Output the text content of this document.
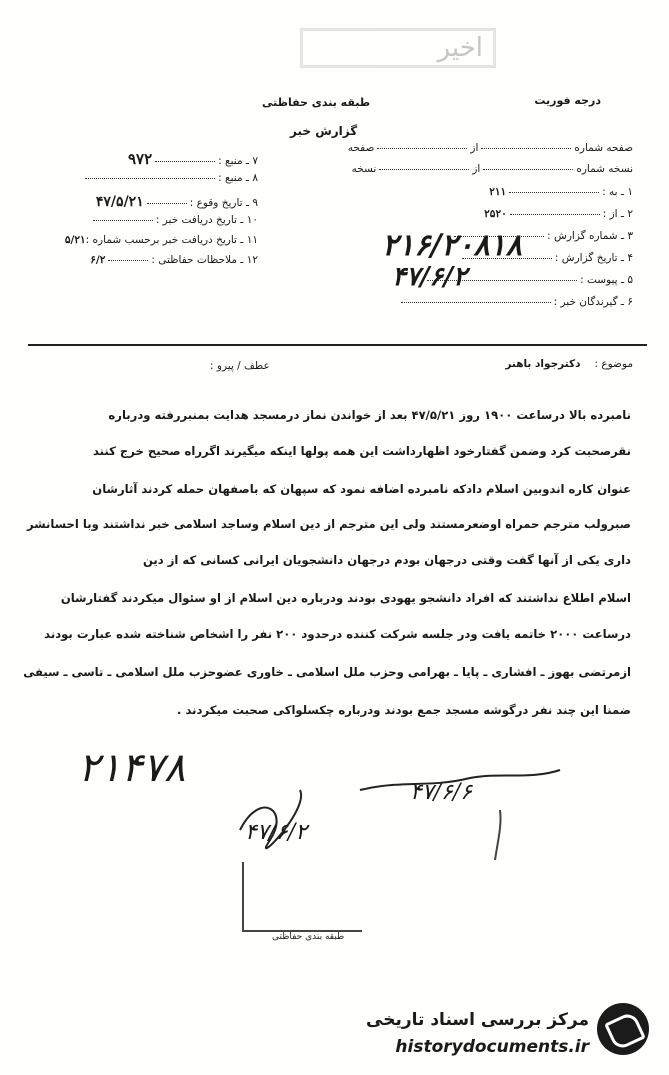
اخیر
درجه فوریت
طبقه بندی حفاظتی
گزارش خبر
صفحه شمارهازصفحه
نسخه شمارهازنسخه
۱ ـ به :۲۱۱
۲ ـ از :۲۵۲۰
۳ ـ شماره گزارش :
۴ ـ تاریخ گزارش :
۵ ـ پیوست :
۶ ـ گیرندگان خبر :
۲۱۶/۲۰۸۱۸
۴۷/۶/۲
۷ ـ منبع :۹۷۲
۸ ـ منبع :
۹ ـ تاریخ وقوع :۴۷/۵/۲۱
۱۰ ـ تاریخ دریافت خبر :
۱۱ ـ تاریخ دریافت خبر برحسب شماره :۵/۲۱
۱۲ ـ ملاحظات حفاظتی :۶/۲
موضوع :دکترجواد باهنر
عطف / پیرو :
نامبرده بالا درساعت ۱۹۰۰ روز ۴۷/۵/۲۱ بعد از خواندن نماز درمسجد هدایت بمنبررفته ودرباره
نقرصحبت کرد وضمن گفتارخود اظهارداشت این همه پولها اینکه میگیرند اگرراه صحیح خرج کنند
عنوان کاره اندوبین اسلام دادکه نامبرده اضافه نمود که سپهان که باصفهان حمله کردند آثارشان
صبرولب مترجم حمراه اوضعرمستند ولی این مترجم از دین اسلام وساجد اسلامی خبر نداشتند وبا احسانشر
داری یکی از آنها گفت وقتی درجهان بودم درجهان دانشجویان ایرانی کسانی که از دین
اسلام اطلاع نداشتند که افراد دانشجو یهودی بودند ودرباره دین اسلام از او سئوال میکردند گفتارشان
درساعت ۲۰۰۰ خاتمه یافت ودر جلسه شرکت کننده درحدود ۲۰۰ نفر را اشخاص شناخته شده عبارت بودند
ازمرتضی بهوز ـ افشاری ـ پایا ـ بهرامی وحزب ملل اسلامی ـ خاوری عضوحزب ملل اسلامی ـ تاسی ـ سیفی
ضمنا این چند نفر درگوشه مسجد جمع بودند ودرباره چکسلواکی صحبت میکردند .
۲۱۴۷۸
۴۷/۶/۶
۴۷/۶/۲
طبقه بندی حفاظتی
مرکز بررسی اسناد تاریخی
historydocuments.ir
